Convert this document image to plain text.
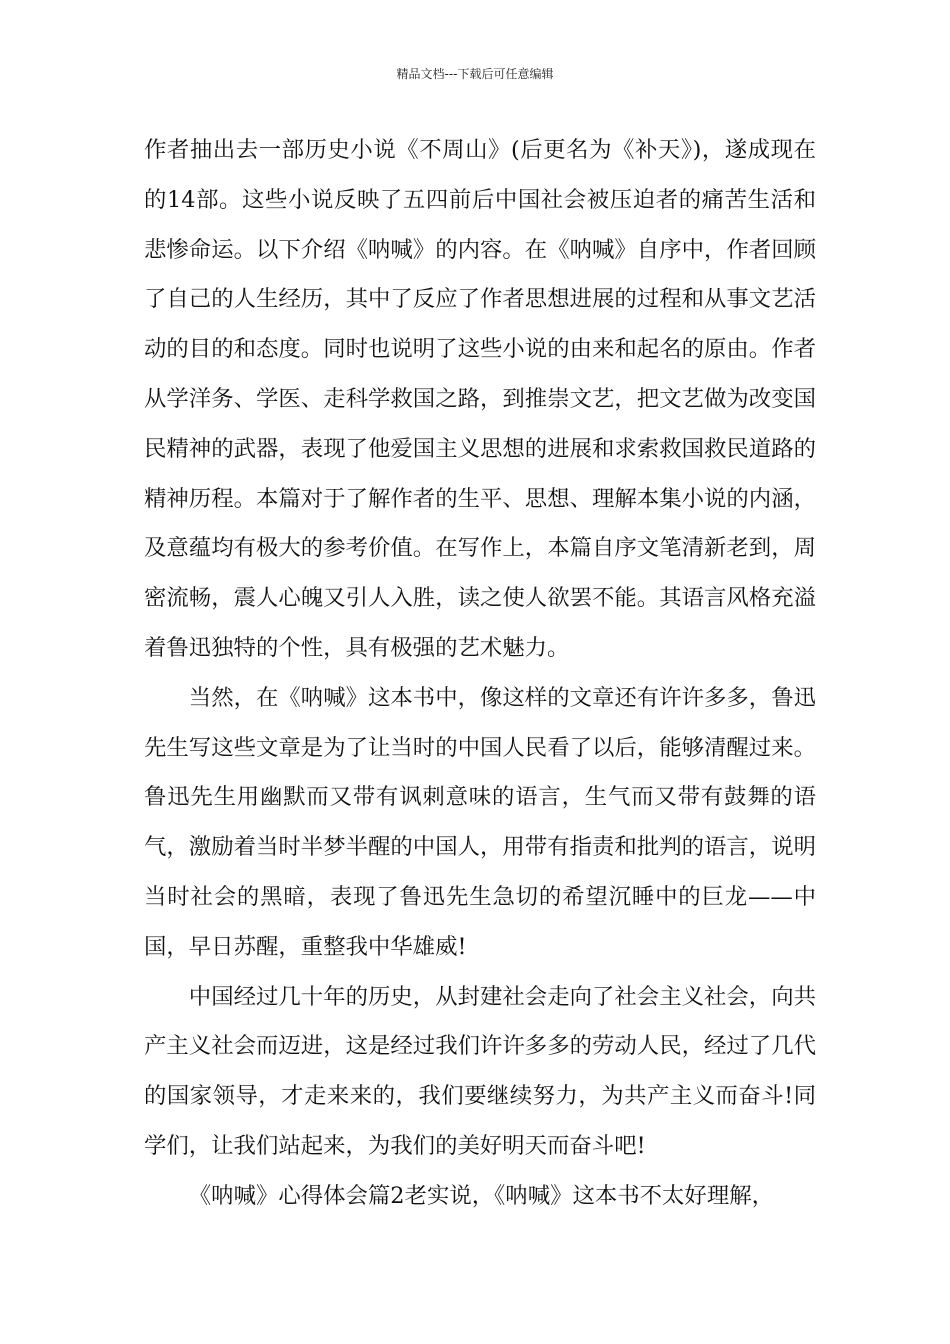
精品文档---下载后可任意编辑

作者抽出去一部历史小说《不周山》(后更名为《补天》)，遂成现在的14部。这些小说反映了五四前后中国社会被压迫者的痛苦生活和悲惨命运。以下介绍《呐喊》的内容。在《呐喊》自序中，作者回顾了自己的人生经历，其中了反应了作者思想进展的过程和从事文艺活动的目的和态度。同时也说明了这些小说的由来和起名的原由。作者从学洋务、学医、走科学救国之路，到推崇文艺，把文艺做为改变国民精神的武器，表现了他爱国主义思想的进展和求索救国救民道路的精神历程。本篇对于了解作者的生平、思想、理解本集小说的内涵，及意蕴均有极大的参考价值。在写作上，本篇自序文笔清新老到，周密流畅，震人心魄又引人入胜，读之使人欲罢不能。其语言风格充溢着鲁迅独特的个性，具有极强的艺术魅力。

当然，在《呐喊》这本书中，像这样的文章还有许许多多，鲁迅先生写这些文章是为了让当时的中国人民看了以后，能够清醒过来。鲁迅先生用幽默而又带有讽刺意味的语言，生气而又带有鼓舞的语气，激励着当时半梦半醒的中国人，用带有指责和批判的语言，说明当时社会的黑暗，表现了鲁迅先生急切的希望沉睡中的巨龙——中国，早日苏醒，重整我中华雄威!

中国经过几十年的历史，从封建社会走向了社会主义社会，向共产主义社会而迈进，这是经过我们许许多多的劳动人民，经过了几代的国家领导，才走来来的，我们要继续努力，为共产主义而奋斗!同学们，让我们站起来，为我们的美好明天而奋斗吧!

《呐喊》心得体会篇2老实说，《呐喊》这本书不太好理解，
